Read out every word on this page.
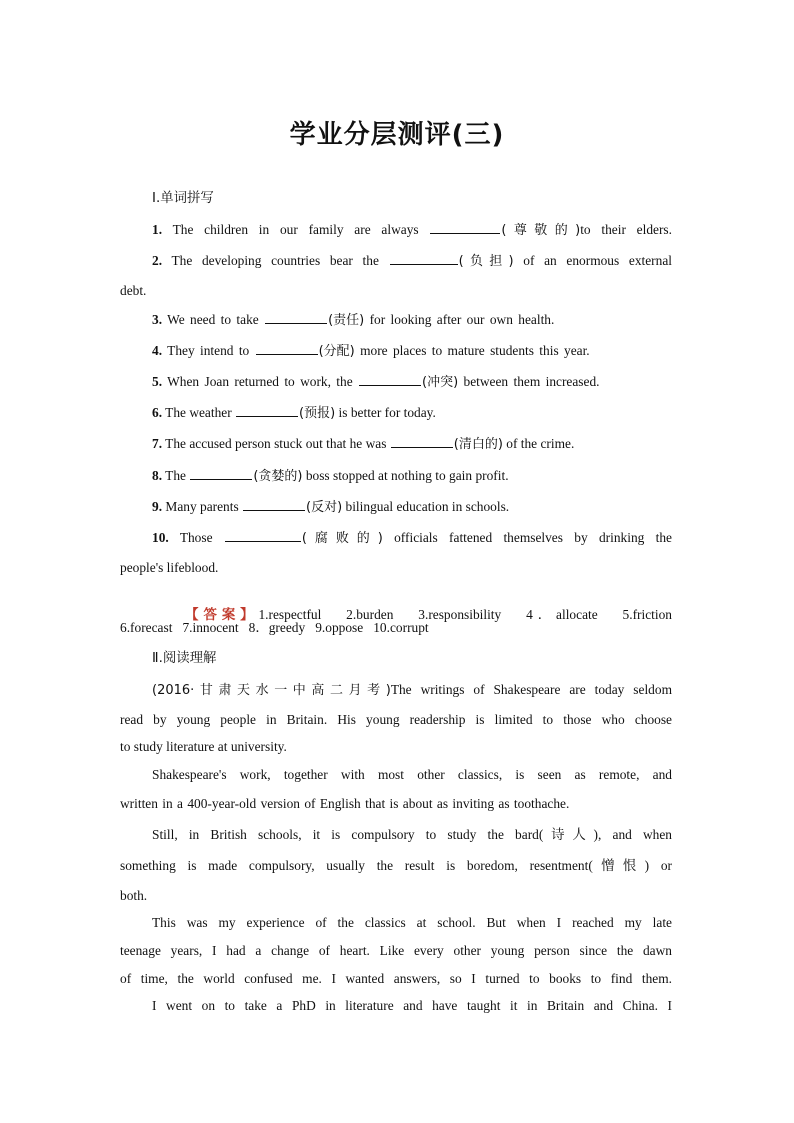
学业分层测评(三)
Ⅰ.单词拼写
1. The children in our family are always	(尊敬的)to their elders.
2. The developing countries bear the	(负担) of an enormous external
debt.
3. We need to take	(责任) for looking after our own health.
4. They intend to	(分配) more places to mature students this year.
5. When Joan returned to work, the	(冲突) between them increased.
6. The weather	(预报) is better for today.
7. The accused person stuck out that he was	(清白的) of the crime.
8. The	(贪婪的) boss stopped at nothing to gain profit.
9. Many parents	(反对) bilingual education in schools.
10. Those	(腐败的) officials fattened themselves by drinking the
people's lifeblood.

【答案】1.respectful   2.burden   3.responsibility   4．allocate   5.friction

6.forecast   7.innocent   8．greedy   9.oppose   10.corrupt
Ⅱ.阅读理解
(2016·甘肃天水一中高二月考)The writings of Shakespeare are today seldom
read by young people in Britain. His young readership is limited to those who choose
to study literature at university.
Shakespeare's work, together with most other classics, is seen as remote, and
written in a 400-year-old version of English that is about as inviting as toothache.
Still, in British schools, it is compulsory to study the bard(诗人), and when
something is made compulsory, usually the result is boredom, resentment(憎恨) or
both.
This was my experience of the classics at school. But when I reached my late
teenage years, I had a change of heart. Like every other young person since the dawn
of time, the world confused me. I wanted answers, so I turned to books to find them.
I went on to take a PhD in literature and have taught it in Britain and China. I
